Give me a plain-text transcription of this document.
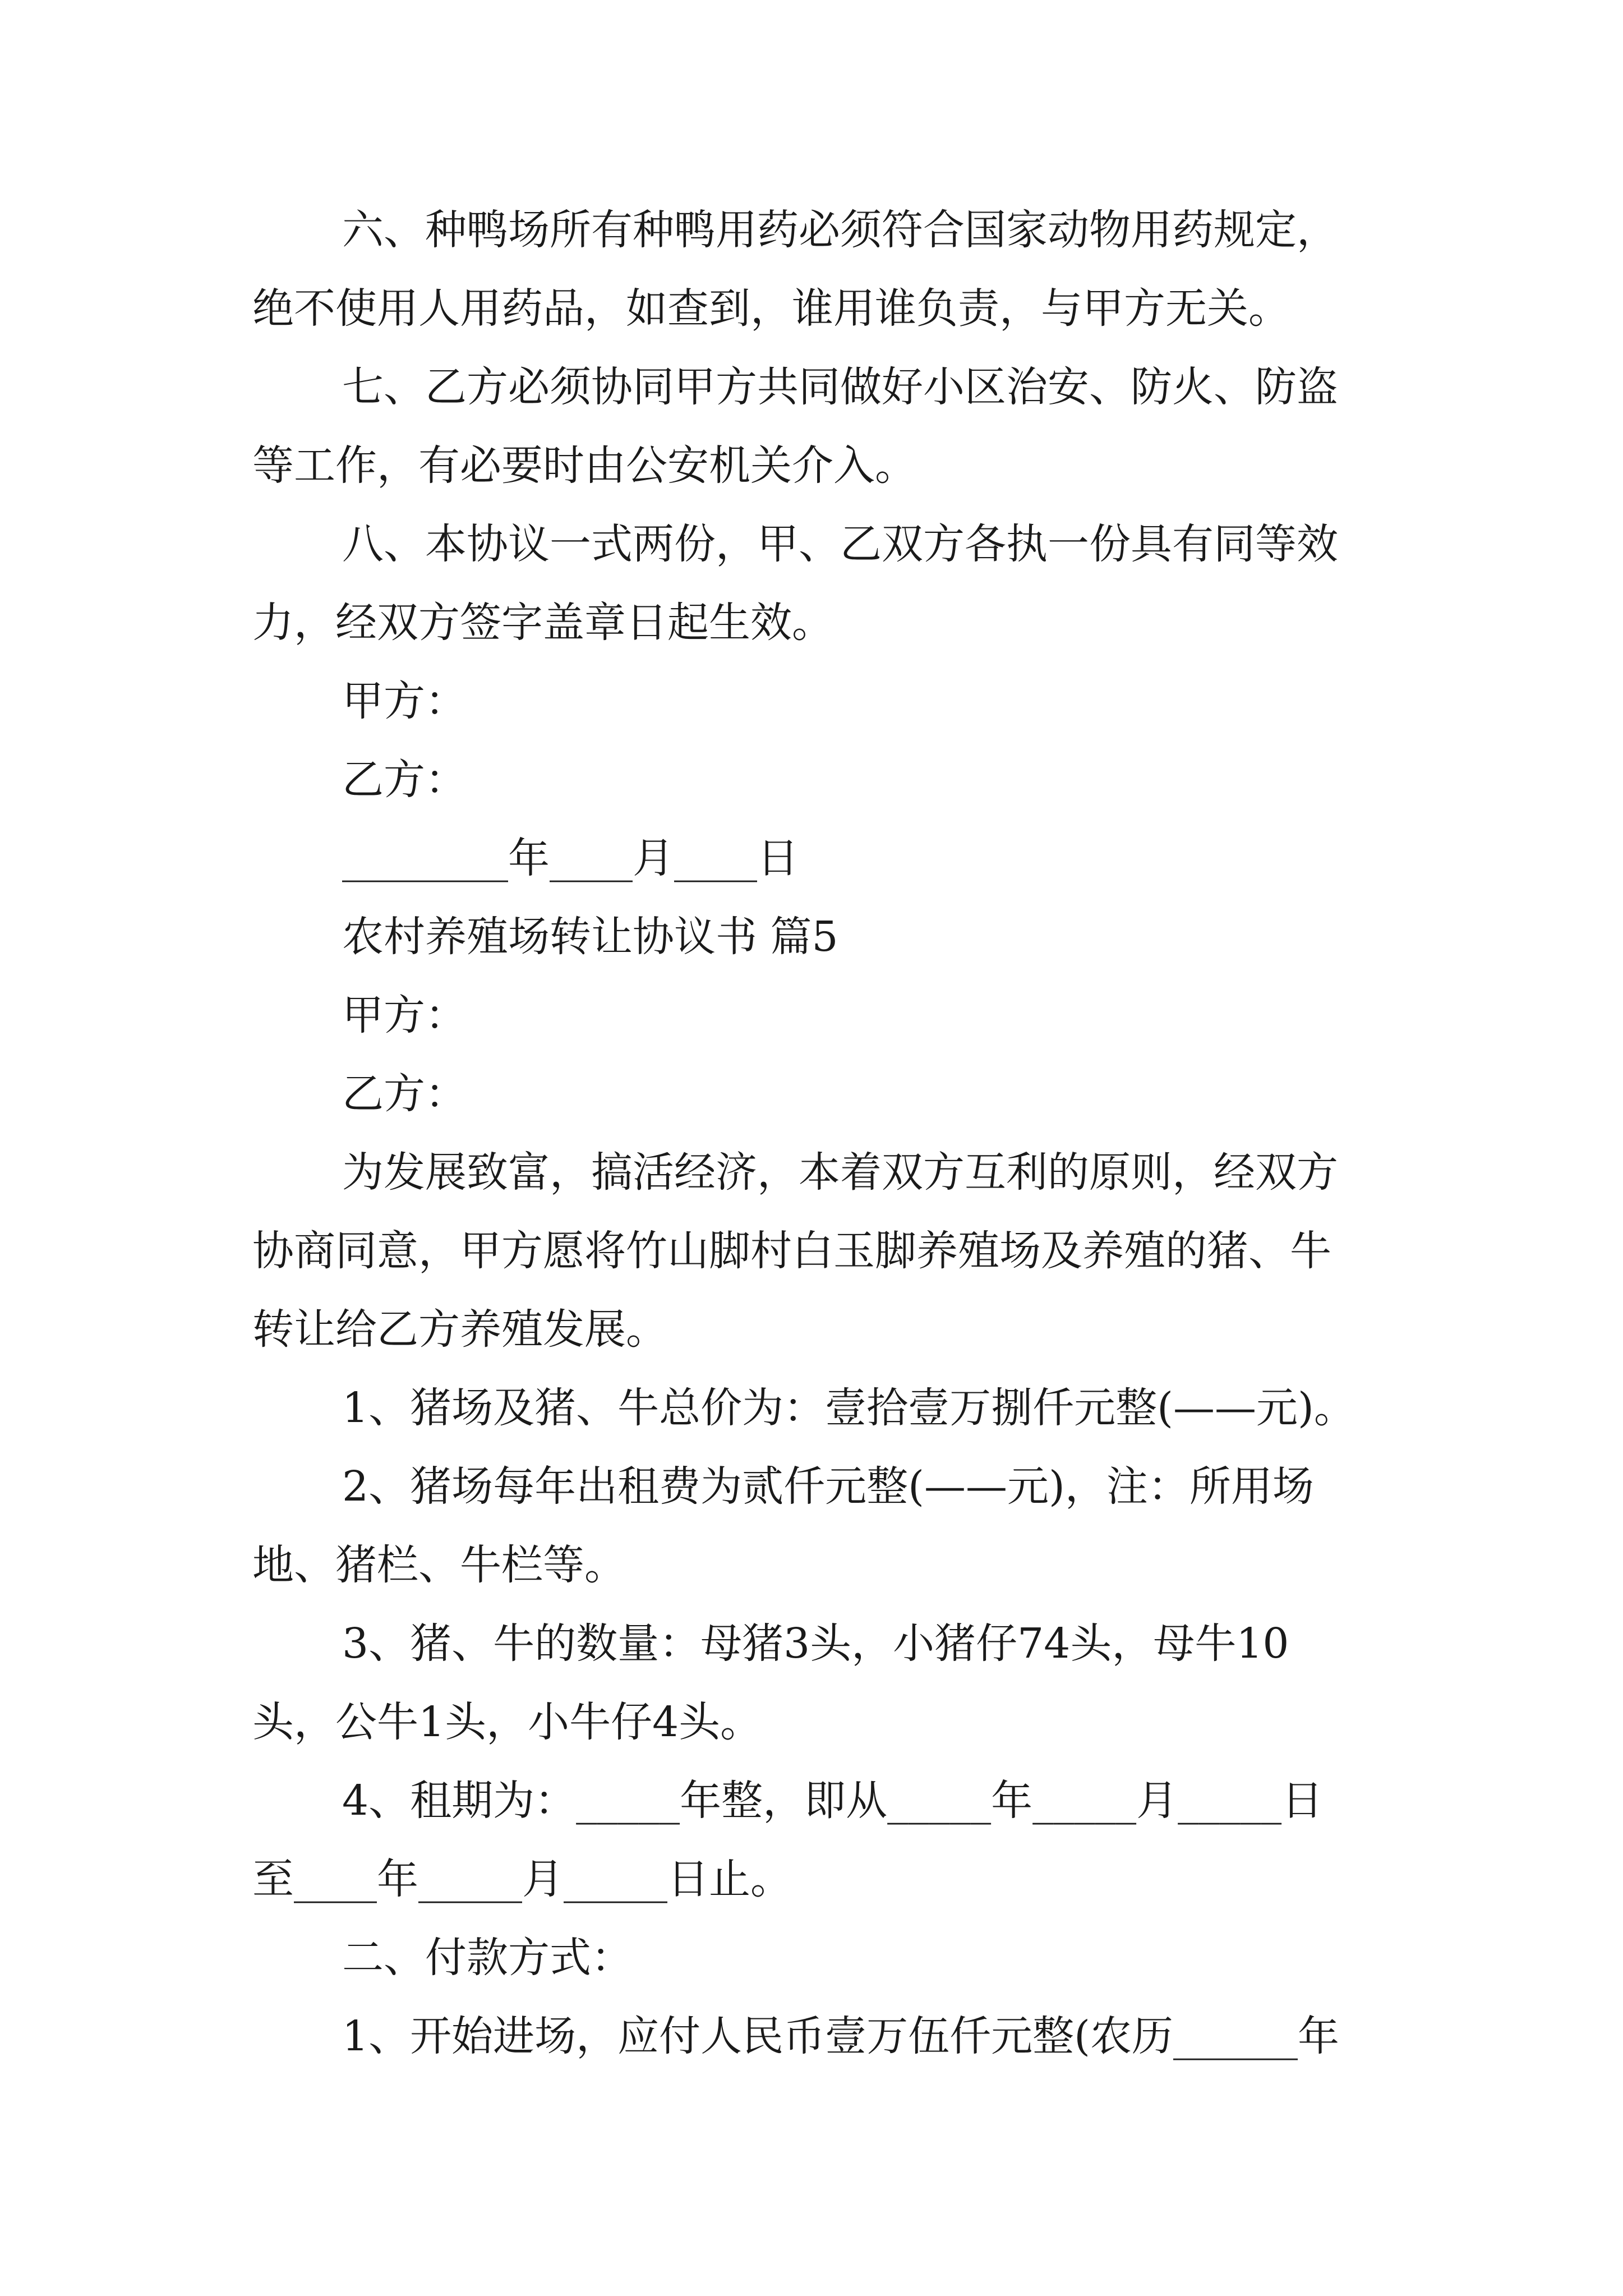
六、种鸭场所有种鸭用药必须符合国家动物用药规定，
绝不使用人用药品，如查到，谁用谁负责，与甲方无关。
七、乙方必须协同甲方共同做好小区治安、防火、防盗
等工作，有必要时由公安机关介入。
八、本协议一式两份，甲、乙双方各执一份具有同等效
力，经双方签字盖章日起生效。
甲方：
乙方：
________年____月____日
农村养殖场转让协议书 篇5
甲方：
乙方：
为发展致富，搞活经济，本着双方互利的原则，经双方
协商同意，甲方愿将竹山脚村白玉脚养殖场及养殖的猪、牛
转让给乙方养殖发展。
1、猪场及猪、牛总价为：壹拾壹万捌仟元整(——元)。
2、猪场每年出租费为贰仟元整(——元)，注：所用场
地、猪栏、牛栏等。
3、猪、牛的数量：母猪3头，小猪仔74头，母牛10
头，公牛1头，小牛仔4头。
4、租期为：_____年整，即从_____年_____月_____日
至____年_____月_____日止。
二、付款方式：
1、开始进场，应付人民币壹万伍仟元整(农历______年
